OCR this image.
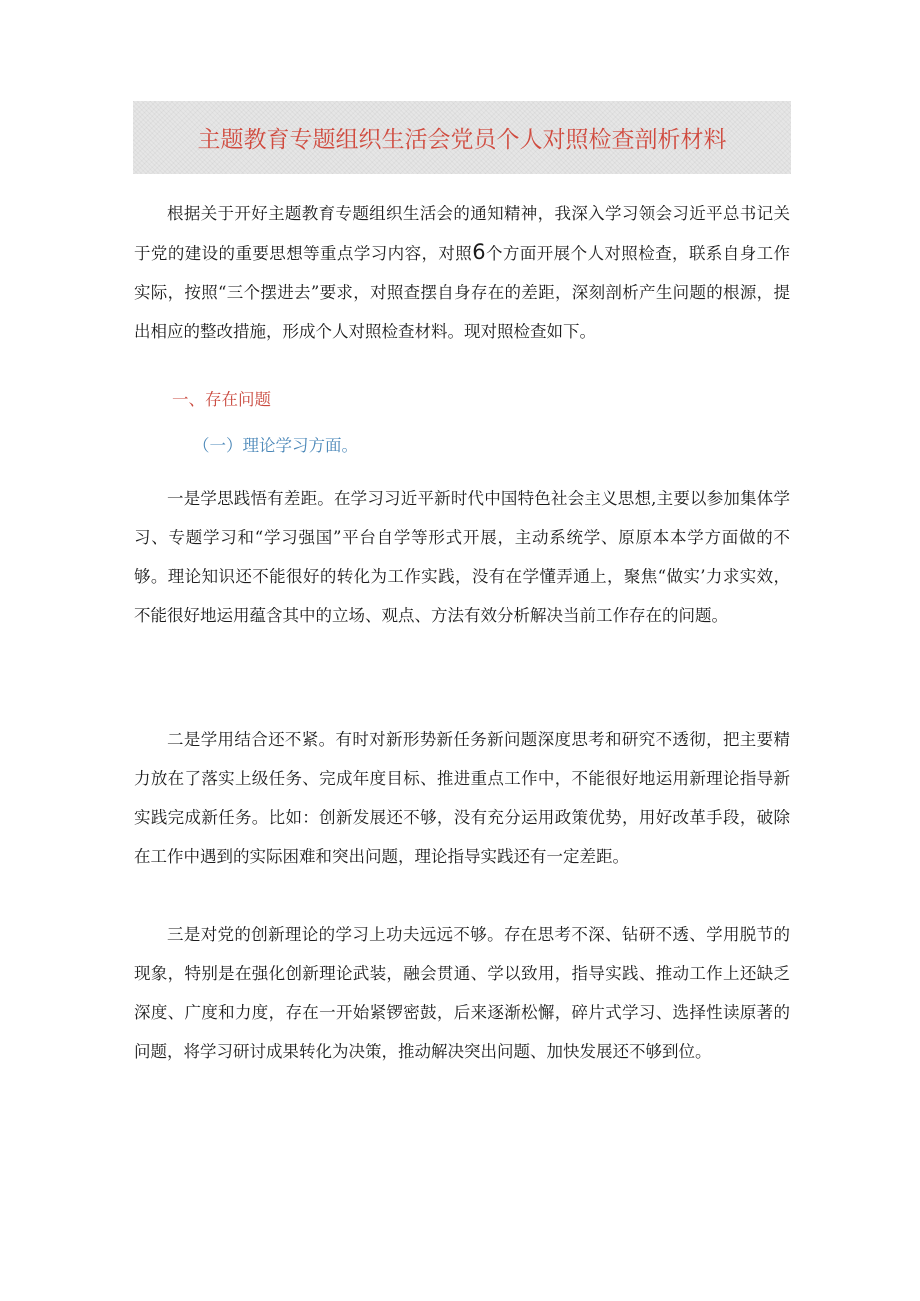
主题教育专题组织生活会党员个人对照检查剖析材料

根据关于开好主题教育专题组织生活会的通知精神，我深入学习领会习近平总书记关于党的建设的重要思想等重点学习内容，对照6个方面开展个人对照检查，联系自身工作实际，按照“三个摆进去”要求，对照查摆自身存在的差距，深刻剖析产生问题的根源，提出相应的整改措施，形成个人对照检查材料。现对照检查如下。

一、存在问题

（一）理论学习方面。

一是学思践悟有差距。在学习习近平新时代中国特色社会主义思想,主要以参加集体学习、专题学习和“学习强国”平台自学等形式开展，主动系统学、原原本本学方面做的不够。理论知识还不能很好的转化为工作实践，没有在学懂弄通上，聚焦“做实’力求实效，不能很好地运用蕴含其中的立场、观点、方法有效分析解决当前工作存在的问题。

二是学用结合还不紧。有时对新形势新任务新问题深度思考和研究不透彻，把主要精力放在了落实上级任务、完成年度目标、推进重点工作中，不能很好地运用新理论指导新实践完成新任务。比如：创新发展还不够，没有充分运用政策优势，用好改革手段，破除在工作中遇到的实际困难和突出问题，理论指导实践还有一定差距。

三是对党的创新理论的学习上功夫远远不够。存在思考不深、钻研不透、学用脱节的现象，特别是在强化创新理论武装，融会贯通、学以致用，指导实践、推动工作上还缺乏深度、广度和力度，存在一开始紧锣密鼓，后来逐渐松懈，碎片式学习、选择性读原著的问题，将学习研讨成果转化为决策，推动解决突出问题、加快发展还不够到位。
